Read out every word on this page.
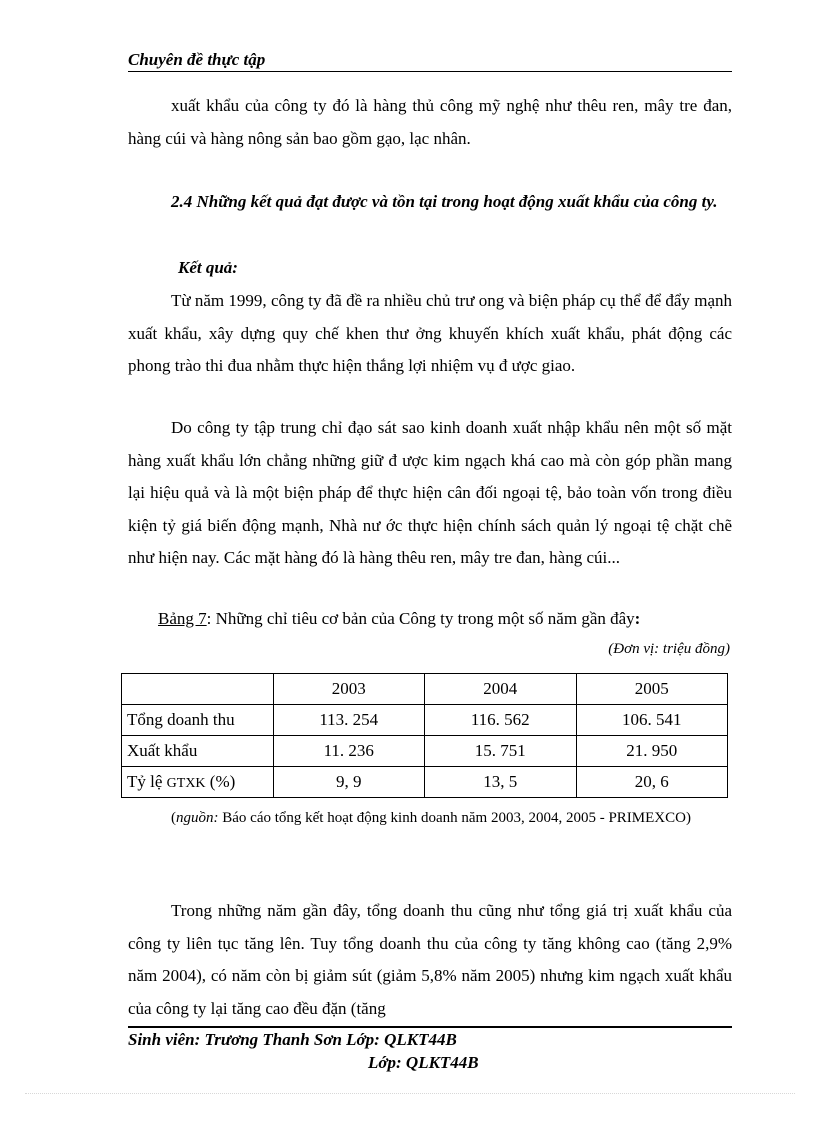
Chuyên đề thực tập
xuất khẩu của công ty đó là hàng thủ công mỹ nghệ như thêu ren, mây tre đan, hàng cúi và hàng nông sản bao gồm gạo, lạc nhân.
2.4 Những kết quả đạt được và tồn tại trong hoạt động xuất khẩu của công ty.
Kết quả:
Từ năm 1999, công ty đã đề ra nhiều chủ trư ong và biện pháp cụ thể để đẩy mạnh xuất khẩu, xây dựng quy chế khen thư ởng khuyến khích xuất khẩu, phát động các phong trào thi đua nhằm thực hiện thắng lợi nhiệm vụ đ ược giao.
Do công ty tập trung chỉ đạo sát sao kinh doanh xuất nhập khẩu nên một số mặt hàng xuất khẩu lớn chẳng những giữ đ ược kim ngạch khá cao mà còn góp phần mang lại hiệu quả và là một biện pháp để thực hiện cân đối ngoại tệ, bảo toàn vốn trong điều kiện tỷ giá biến động mạnh, Nhà nư ớc thực hiện chính sách quản lý ngoại tệ chặt chẽ như hiện nay. Các mặt hàng đó là hàng thêu ren, mây tre đan, hàng cúi...
Bảng 7: Những chỉ tiêu cơ bản của Công ty trong một số năm gần đây:
(Đơn vị: triệu đồng)
	2003	2004	2005
Tổng doanh thu	113. 254	116. 562	106. 541
Xuất khẩu	11. 236	15. 751	21. 950
Tỷ lệ GTXK (%)	9, 9	13, 5	20, 6
(nguồn: Báo cáo tổng kết hoạt động kinh doanh năm 2003, 2004, 2005 - PRIMEXCO)
Trong những năm gần đây, tổng doanh thu cũng như tổng giá trị xuất khẩu của công ty liên tục tăng lên. Tuy tổng doanh thu của công ty tăng không cao (tăng 2,9% năm 2004), có năm còn bị giảm sút (giảm 5,8% năm 2005) nhưng kim ngạch xuất khẩu của công ty lại tăng cao đều đặn (tăng
Sinh viên: Trương Thanh Sơn Lớp: QLKT44B
Lớp: QLKT44B
